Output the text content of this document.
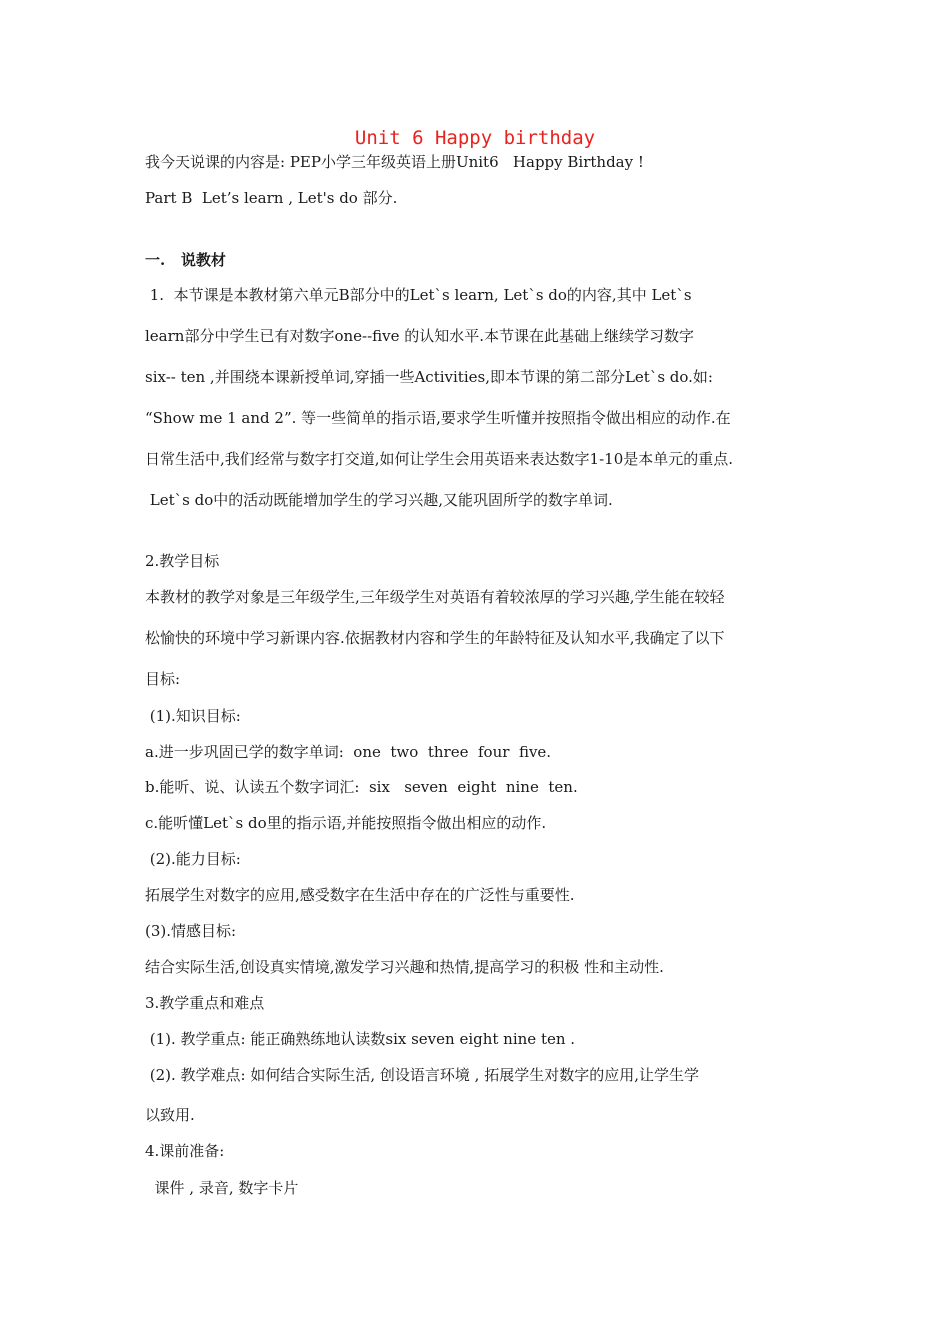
Unit 6 Happy birthday
我今天说课的内容是: PEP小学三年级英语上册Unit6   Happy Birthday !
Part B  Let’s learn , Let's do 部分.
一.   说教材
1.  本节课是本教材第六单元B部分中的Let`s learn, Let`s do的内容,其中 Let`s
learn部分中学生已有对数字one--five 的认知水平.本节课在此基础上继续学习数字
six-- ten ,并围绕本课新授单词,穿插一些Activities,即本节课的第二部分Let`s do.如:
“Show me 1 and 2”. 等一些简单的指示语,要求学生听懂并按照指令做出相应的动作.在
日常生活中,我们经常与数字打交道,如何让学生会用英语来表达数字1-10是本单元的重点.
Let`s do中的活动既能增加学生的学习兴趣,又能巩固所学的数字单词.
2.教学目标
本教材的教学对象是三年级学生,三年级学生对英语有着较浓厚的学习兴趣,学生能在较轻
松愉快的环境中学习新课内容.依据教材内容和学生的年龄特征及认知水平,我确定了以下
目标:
(1).知识目标:
a.进一步巩固已学的数字单词:  one  two  three  four  five.
b.能听、说、认读五个数字词汇:  six   seven  eight  nine  ten.
c.能听懂Let`s do里的指示语,并能按照指令做出相应的动作.
(2).能力目标:
拓展学生对数字的应用,感受数字在生活中存在的广泛性与重要性.
(3).情感目标:
结合实际生活,创设真实情境,激发学习兴趣和热情,提高学习的积极 性和主动性.
3.教学重点和难点
(1). 教学重点: 能正确熟练地认读数six seven eight nine ten .
(2). 教学难点: 如何结合实际生活, 创设语言环境 , 拓展学生对数字的应用,让学生学
以致用.
4.课前准备:
课件 , 录音, 数字卡片
